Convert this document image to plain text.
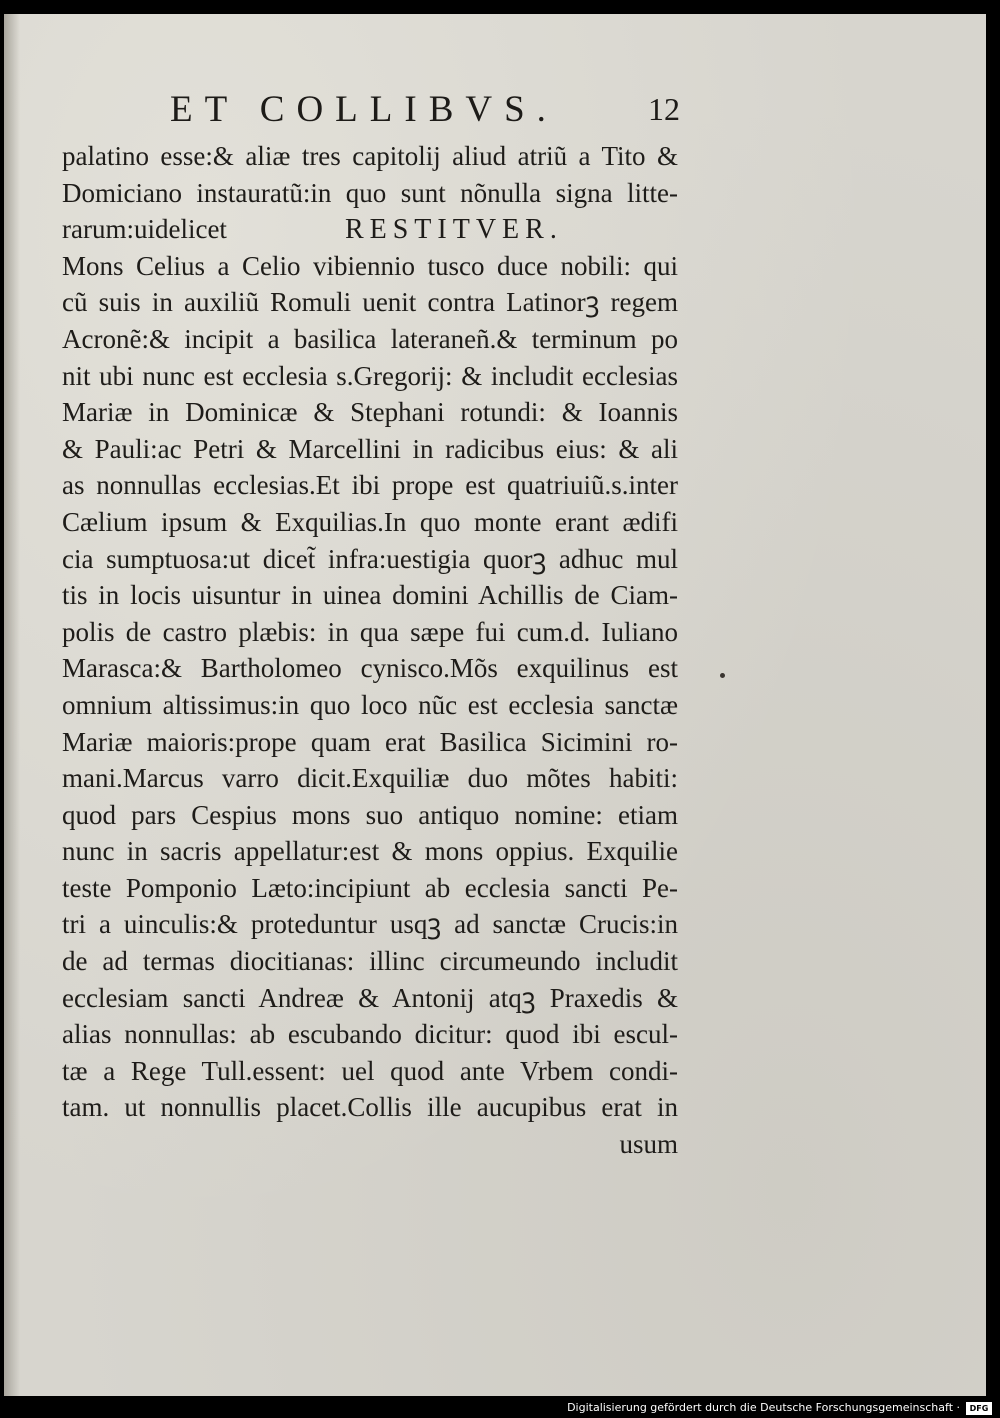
ET COLLIBVS.	12
palatino esse:& aliæ tres capitolij aliud atriũ a Tito &
Domiciano instauratũ:in quo sunt nõnulla signa litte-
rarum:uidelicet	RESTITVER.
Mons Celius a Celio vibiennio tusco duce nobili: qui
cũ suis in auxiliũ Romuli uenit contra Latinorꝫ regem
Acronẽ:& incipit a basilica lateraneñ.& terminum po
nit ubi nunc est ecclesia s.Gregorij: & includit ecclesias
Mariæ in Dominicæ & Stephani rotundi: & Ioannis
& Pauli:ac Petri & Marcellini in radicibus eius: & ali
as nonnullas ecclesias.Et ibi prope est quatriuiũ.s.inter
Cælium ipsum & Exquilias.In quo monte erant ædifi
cia sumptuosa:ut dicet̃ infra:uestigia quorꝫ adhuc mul
tis in locis uisuntur in uinea domini Achillis de Ciam-
polis de castro plæbis: in qua sæpe fui cum.d. Iuliano
Marasca:& Bartholomeo cynisco.Mõs exquilinus est
omnium altissimus:in quo loco nũc est ecclesia sanctæ
Mariæ maioris:prope quam erat Basilica Sicimini ro-
mani.Marcus varro dicit.Exquiliæ duo mõtes habiti:
quod pars Cespius mons suo antiquo nomine: etiam
nunc in sacris appellatur:est & mons oppius. Exquilie
teste Pomponio Læto:incipiunt ab ecclesia sancti Pe-
tri a uinculis:& proteduntur usqꝫ ad sanctæ Crucis:in
de ad termas diocitianas: illinc circumeundo includit
ecclesiam sancti Andreæ & Antonij atqꝫ Praxedis &
alias nonnullas: ab escubando dicitur: quod ibi escul-
tæ a Rege Tull.essent: uel quod ante Vrbem condi-
tam. ut nonnullis placet.Collis ille aucupibus erat in
usum
Digitalisierung gefördert durch die Deutsche Forschungsgemeinschaft ·	DFG
